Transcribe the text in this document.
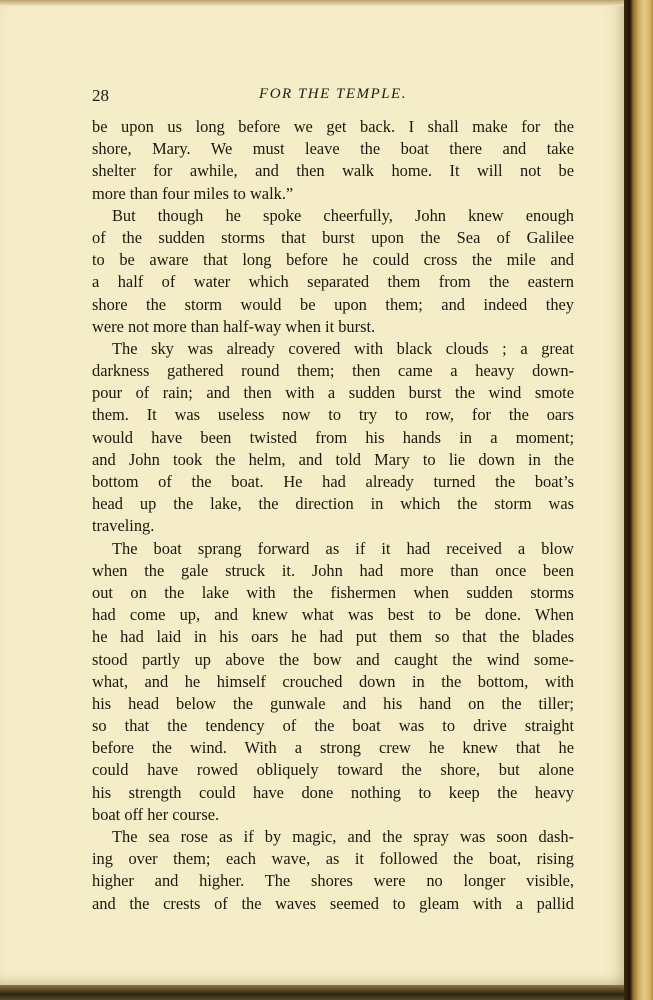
28	FOR THE TEMPLE.
be upon us long before we get back. I shall make for the
shore, Mary. We must leave the boat there and take
shelter for awhile, and then walk home. It will not be
more than four miles to walk.”
But though he spoke cheerfully, John knew enough
of the sudden storms that burst upon the Sea of Galilee
to be aware that long before he could cross the mile and
a half of water which separated them from the eastern
shore the storm would be upon them; and indeed they
were not more than half-way when it burst.
The sky was already covered with black clouds ; a great
darkness gathered round them; then came a heavy down-
pour of rain; and then with a sudden burst the wind smote
them. It was useless now to try to row, for the oars
would have been twisted from his hands in a moment;
and John took the helm, and told Mary to lie down in the
bottom of the boat. He had already turned the boat’s
head up the lake, the direction in which the storm was
traveling.
The boat sprang forward as if it had received a blow
when the gale struck it. John had more than once been
out on the lake with the fishermen when sudden storms
had come up, and knew what was best to be done. When
he had laid in his oars he had put them so that the blades
stood partly up above the bow and caught the wind some-
what, and he himself crouched down in the bottom, with
his head below the gunwale and his hand on the tiller;
so that the tendency of the boat was to drive straight
before the wind. With a strong crew he knew that he
could have rowed obliquely toward the shore, but alone
his strength could have done nothing to keep the heavy
boat off her course.
The sea rose as if by magic, and the spray was soon dash-
ing over them; each wave, as it followed the boat, rising
higher and higher. The shores were no longer visible,
and the crests of the waves seemed to gleam with a pallid
